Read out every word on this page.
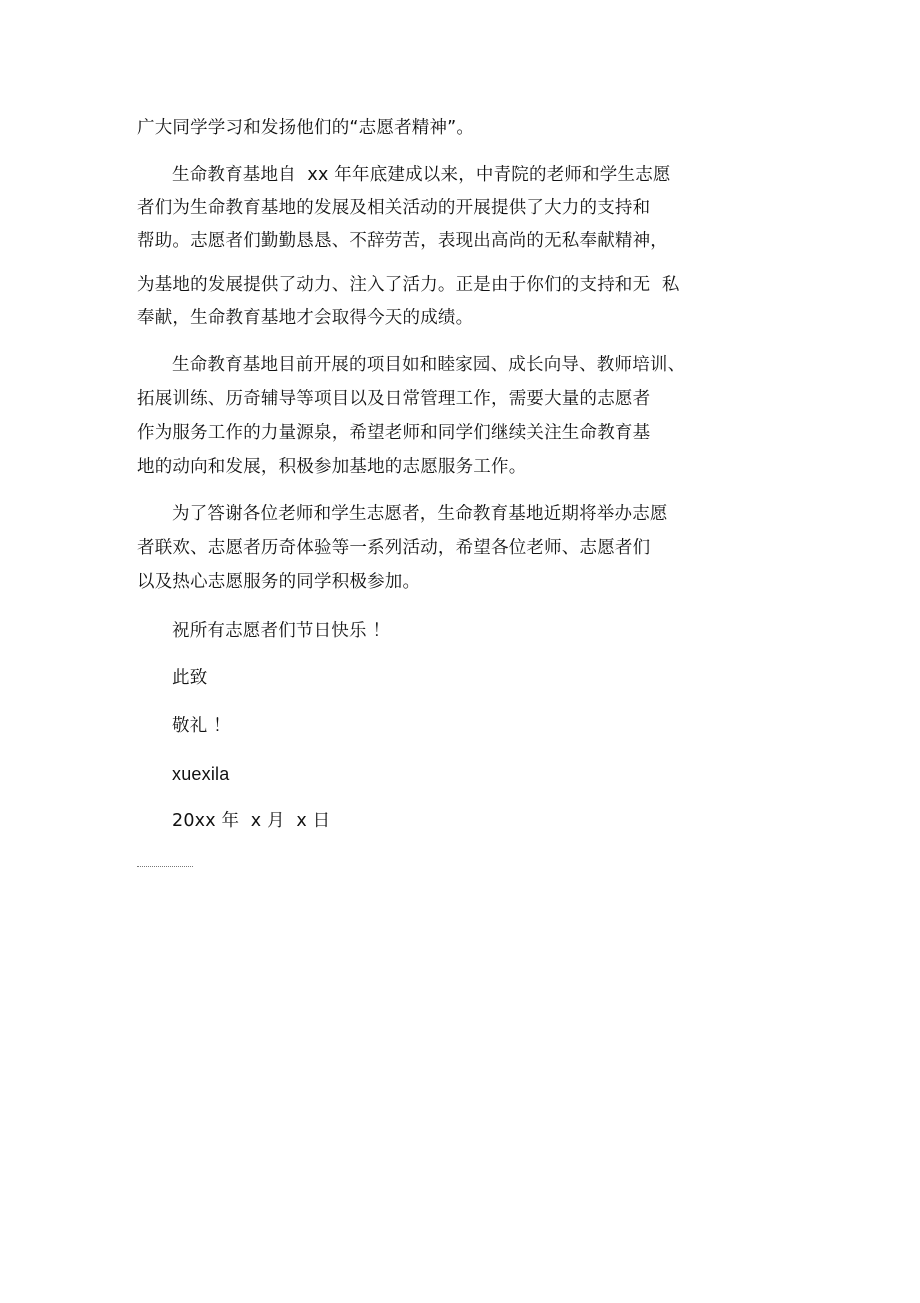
广大同学学习和发扬他们的“志愿者精神”。
生命教育基地自  xx 年年底建成以来，中青院的老师和学生志愿
者们为生命教育基地的发展及相关活动的开展提供了大力的支持和
帮助。志愿者们勤勤恳恳、不辞劳苦，表现出高尚的无私奉献精神，
为基地的发展提供了动力、注入了活力。正是由于你们的支持和无  私
奉献，生命教育基地才会取得今天的成绩。
生命教育基地目前开展的项目如和睦家园、成长向导、教师培训、
拓展训练、历奇辅导等项目以及日常管理工作，需要大量的志愿者
作为服务工作的力量源泉，希望老师和同学们继续关注生命教育基
地的动向和发展，积极参加基地的志愿服务工作。
为了答谢各位老师和学生志愿者，生命教育基地近期将举办志愿
者联欢、志愿者历奇体验等一系列活动，希望各位老师、志愿者们
以及热心志愿服务的同学积极参加。
祝所有志愿者们节日快乐 ！
此致
敬礼 ！
xuexila
20xx 年  x 月  x 日
